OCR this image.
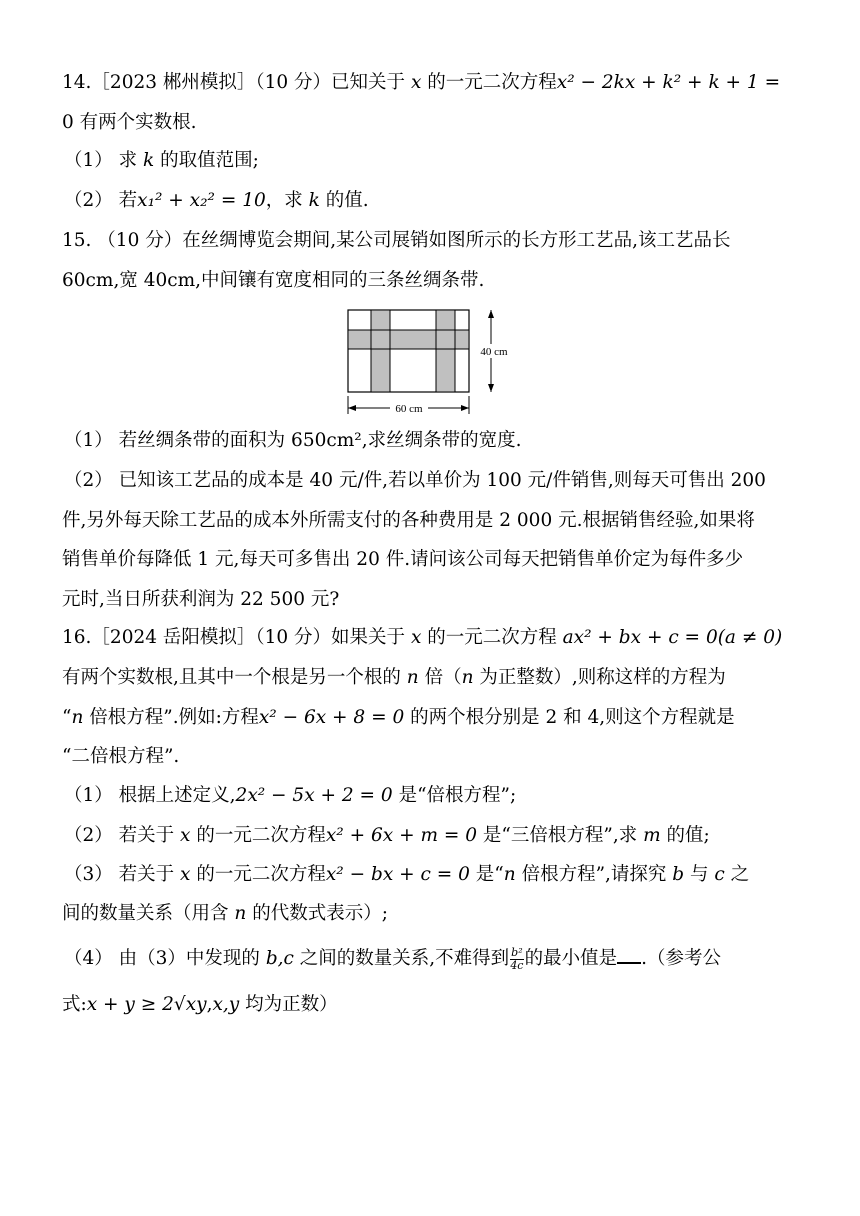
14.［2023 郴州模拟］（10 分）已知关于 x 的一元二次方程x² − 2kx + k² + k + 1 =
0 有两个实数根.
（1） 求 k 的取值范围;
（2） 若x₁² + x₂² = 10，求 k 的值.
15. （10 分）在丝绸博览会期间,某公司展销如图所示的长方形工艺品,该工艺品长
60cm,宽 40cm,中间镶有宽度相同的三条丝绸条带.
40 cm
60 cm
（1） 若丝绸条带的面积为 650cm²,求丝绸条带的宽度.
（2） 已知该工艺品的成本是 40 元/件,若以单价为 100 元/件销售,则每天可售出 200
件,另外每天除工艺品的成本外所需支付的各种费用是 2 000 元.根据销售经验,如果将
销售单价每降低 1 元,每天可多售出 20 件.请问该公司每天把销售单价定为每件多少
元时,当日所获利润为 22 500 元?
16.［2024 岳阳模拟］（10 分）如果关于 x 的一元二次方程 ax² + bx + c = 0(a ≠ 0)
有两个实数根,且其中一个根是另一个根的 n 倍（n 为正整数）,则称这样的方程为
“n 倍根方程”.例如:方程x² − 6x + 8 = 0 的两个根分别是 2 和 4,则这个方程就是
“二倍根方程”.
（1） 根据上述定义,2x² − 5x + 2 = 0 是“倍根方程”;
（2） 若关于 x 的一元二次方程x² + 6x + m = 0 是“三倍根方程”,求 m 的值;
（3） 若关于 x 的一元二次方程x² − bx + c = 0 是“n 倍根方程”,请探究 b 与 c 之
间的数量关系（用含 n 的代数式表示）;
（4） 由（3）中发现的 b,c 之间的数量关系,不难得到 $\frac{\text{b²}}{4c}$ 的最小值是 .（参考公
式:x + y ≥ 2√xy,x,y 均为正数）
